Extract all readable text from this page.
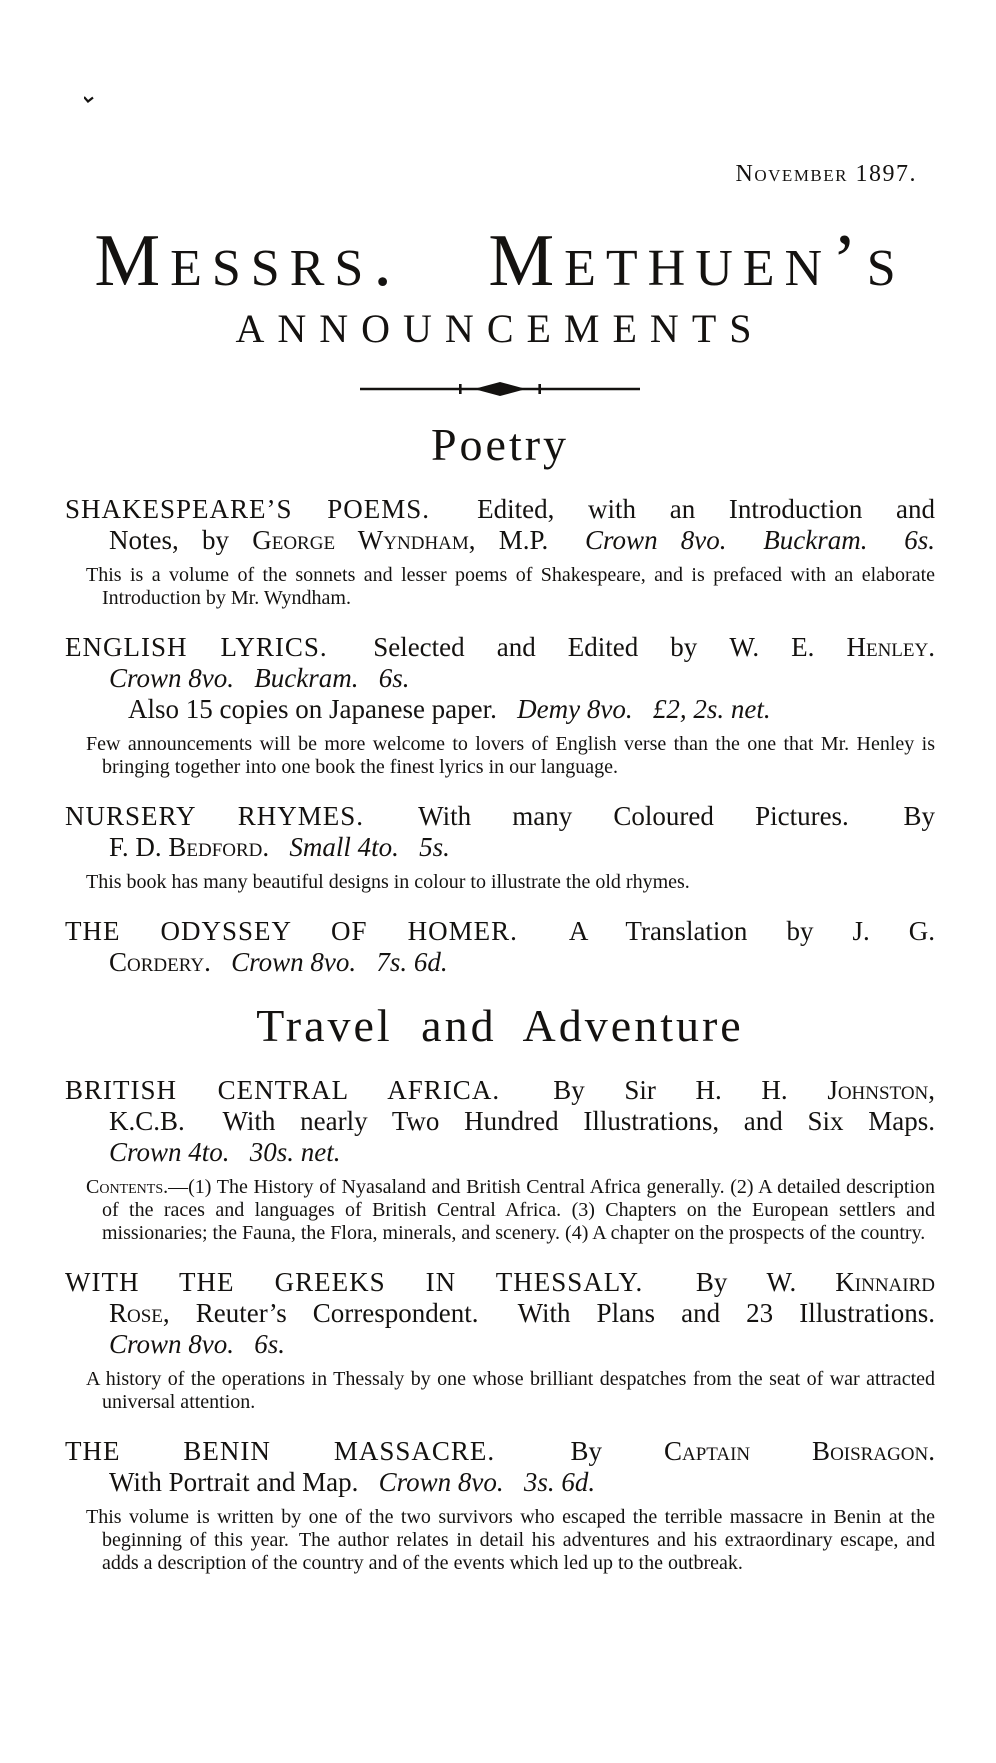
November 1897.
Messrs. Methuen’s
ANNOUNCEMENTS
Poetry
SHAKESPEARE’S POEMS.  Edited, with an Introduction and
Notes, by George Wyndham, M.P.  Crown 8vo.  Buckram.  6s.

This is a volume of the sonnets and lesser poems of Shakespeare, and is prefaced with an elaborate Introduction by Mr. Wyndham.

ENGLISH LYRICS.  Selected and Edited by W. E. Henley.
Crown 8vo.  Buckram.  6s.
Also 15 copies on Japanese paper.  Demy 8vo.  £2, 2s. net.

Few announcements will be more welcome to lovers of English verse than the one that Mr. Henley is bringing together into one book the finest lyrics in our language.

NURSERY RHYMES.  With many Coloured Pictures.  By
F. D. Bedford.  Small 4to.  5s.

This book has many beautiful designs in colour to illustrate the old rhymes.

THE ODYSSEY OF HOMER.  A Translation by J. G.
Cordery.  Crown 8vo.  7s. 6d.
Travel and Adventure
BRITISH CENTRAL AFRICA.  By Sir H. H. Johnston,
K.C.B.  With nearly Two Hundred Illustrations, and Six Maps.
Crown 4to.  30s. net.

Contents.—(1) The History of Nyasaland and British Central Africa generally. (2) A detailed description of the races and languages of British Central Africa. (3) Chapters on the European settlers and missionaries; the Fauna, the Flora, minerals, and scenery. (4) A chapter on the prospects of the country.

WITH THE GREEKS IN THESSALY.  By W. Kinnaird
Rose, Reuter’s Correspondent.  With Plans and 23 Illustrations.
Crown 8vo.  6s.

A history of the operations in Thessaly by one whose brilliant despatches from the seat of war attracted universal attention.

THE BENIN MASSACRE.  By Captain Boisragon.
With Portrait and Map.  Crown 8vo.  3s. 6d.

This volume is written by one of the two survivors who escaped the terrible massacre in Benin at the beginning of this year. The author relates in detail his adventures and his extraordinary escape, and adds a description of the country and of the events which led up to the outbreak.
